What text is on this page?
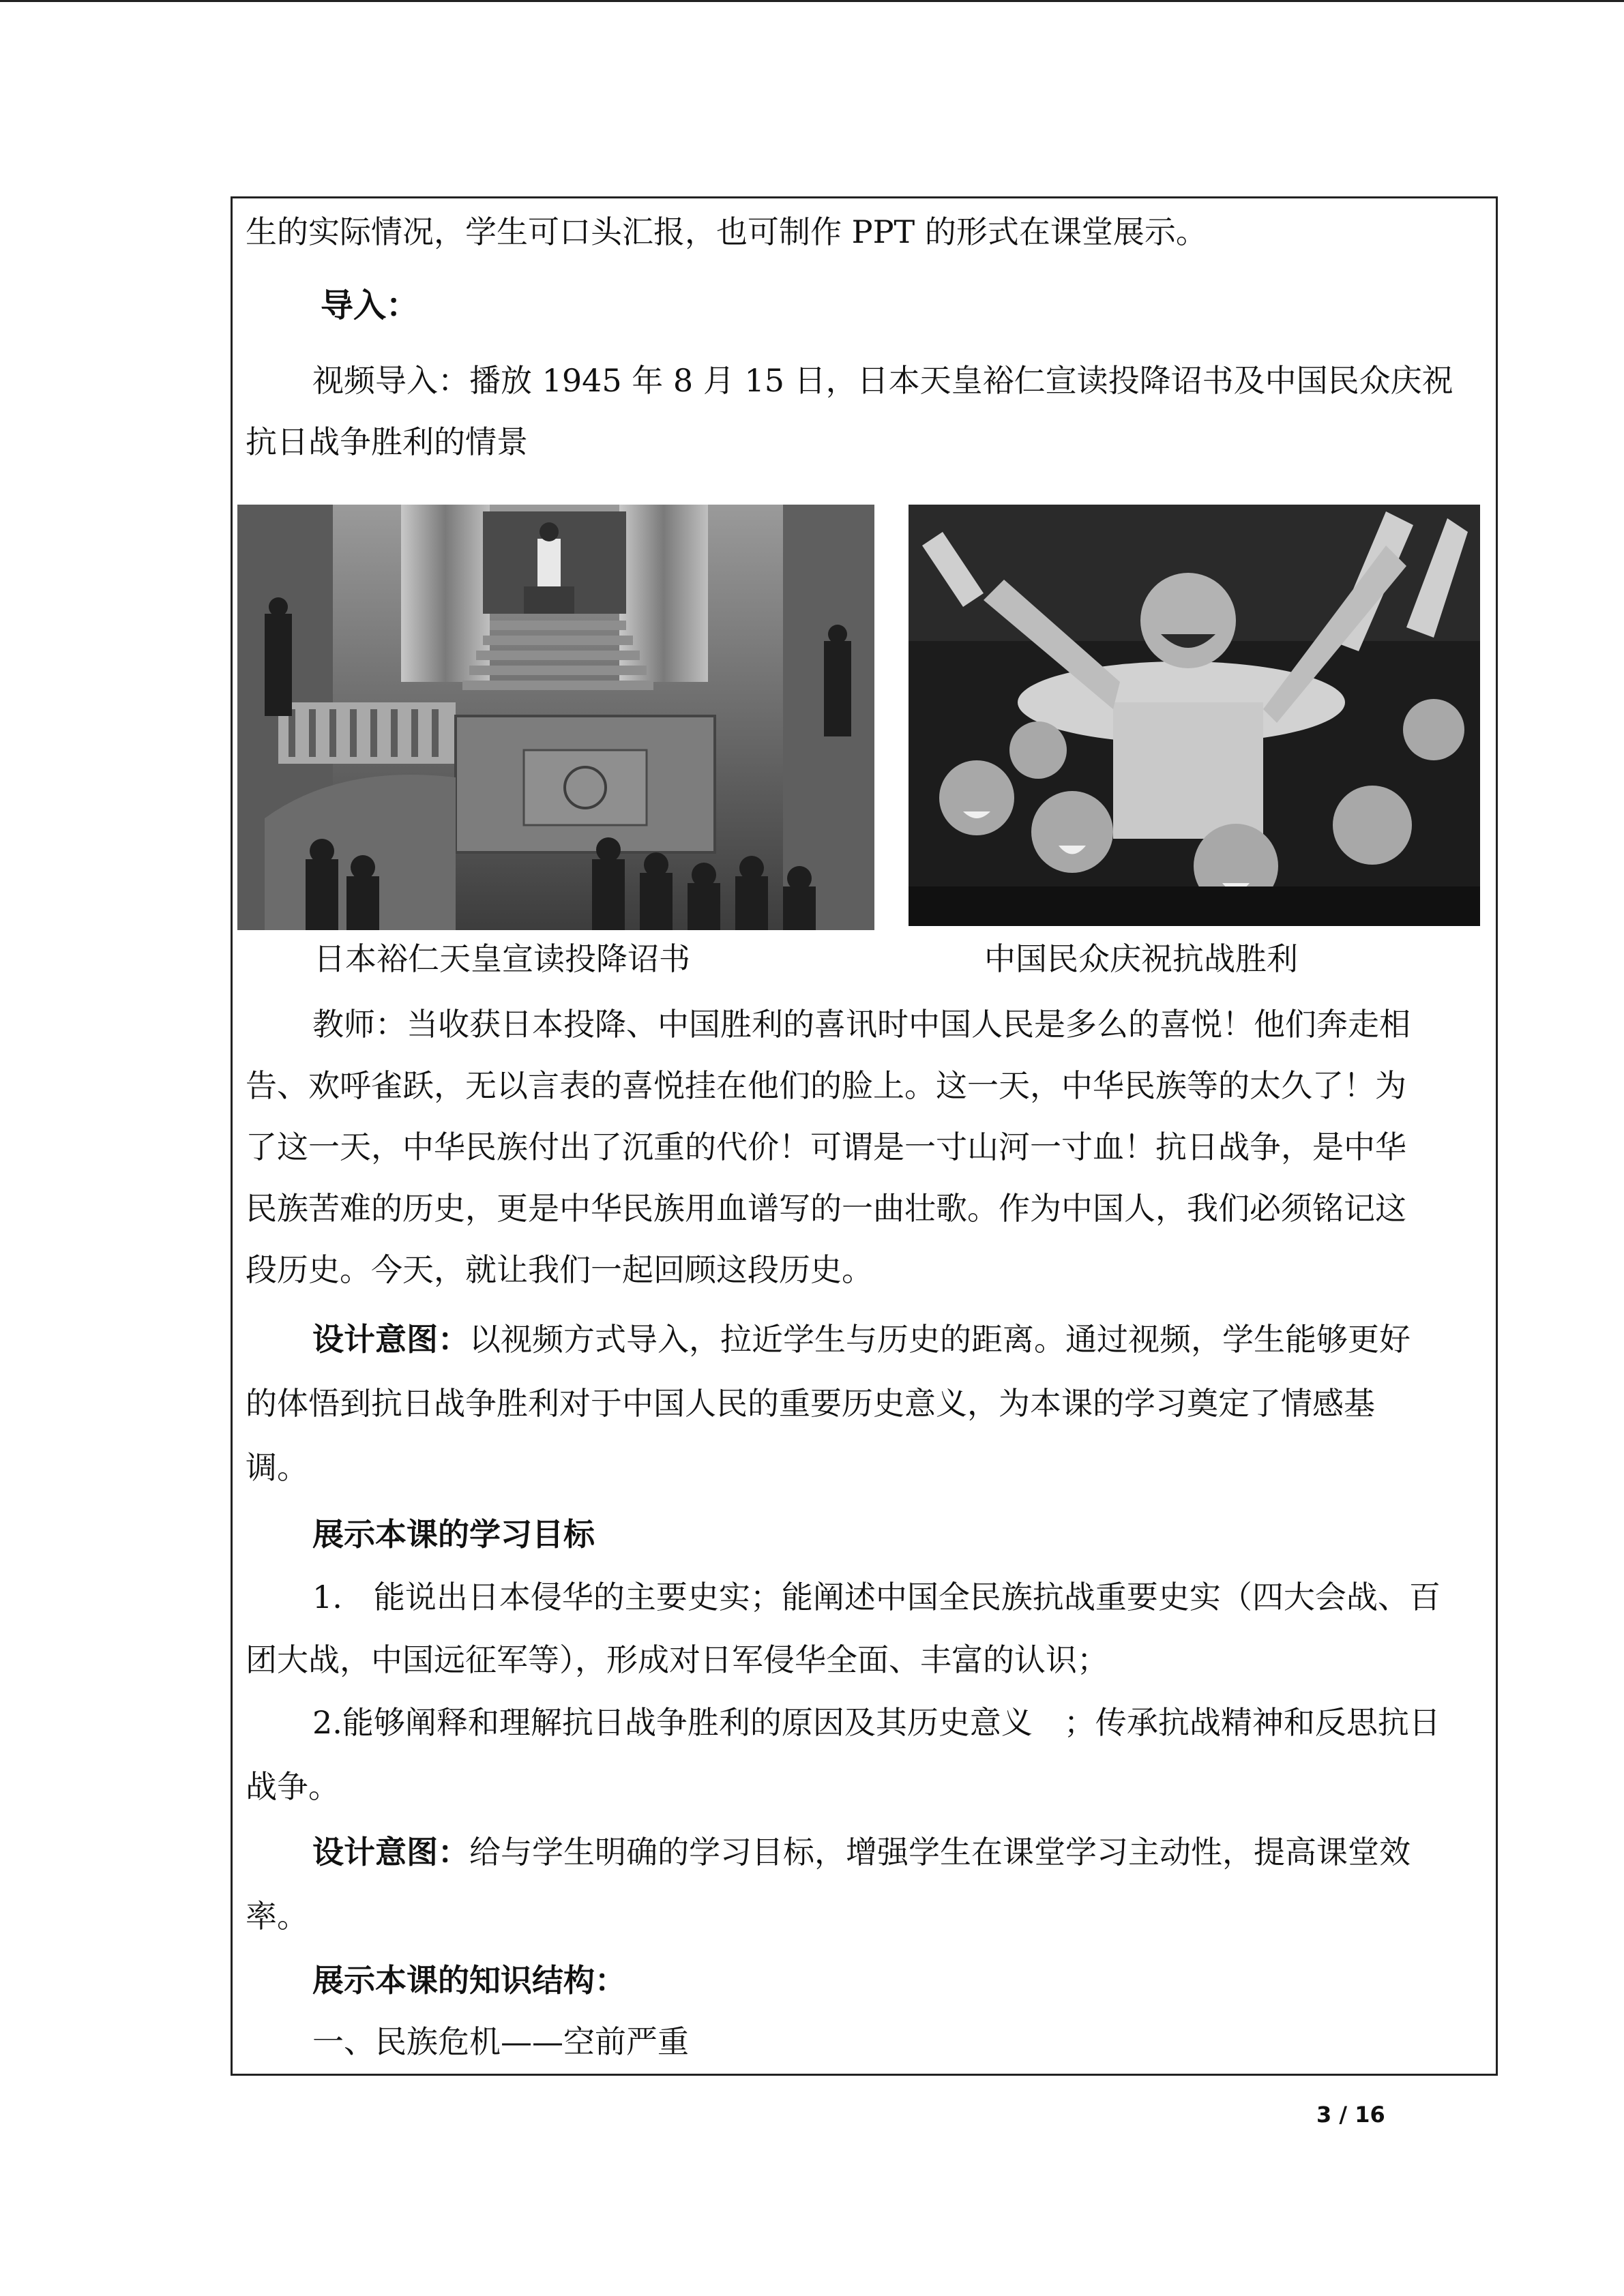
生的实际情况，学生可口头汇报，也可制作 PPT 的形式在课堂展示。

导入：

视频导入：播放 1945 年 8 月 15 日，日本天皇裕仁宣读投降诏书及中国民众庆祝

抗日战争胜利的情景

日本裕仁天皇宣读投降诏书	中国民众庆祝抗战胜利

教师：当收获日本投降、中国胜利的喜讯时中国人民是多么的喜悦！他们奔走相

告、欢呼雀跃，无以言表的喜悦挂在他们的脸上。这一天，中华民族等的太久了！为

了这一天，中华民族付出了沉重的代价！可谓是一寸山河一寸血！抗日战争，是中华

民族苦难的历史，更是中华民族用血谱写的一曲壮歌。作为中国人，我们必须铭记这

段历史。今天，就让我们一起回顾这段历史。

设计意图：以视频方式导入，拉近学生与历史的距离。通过视频，学生能够更好

的体悟到抗日战争胜利对于中国人民的重要历史意义，为本课的学习奠定了情感基

调。

展示本课的学习目标

1.　能说出日本侵华的主要史实；能阐述中国全民族抗战重要史实（四大会战、百

团大战，中国远征军等），形成对日军侵华全面、丰富的认识；

2.能够阐释和理解抗日战争胜利的原因及其历史意义　；传承抗战精神和反思抗日

战争。

设计意图：给与学生明确的学习目标，增强学生在课堂学习主动性，提高课堂效

率。

展示本课的知识结构：

一、民族危机——空前严重

3 / 16
